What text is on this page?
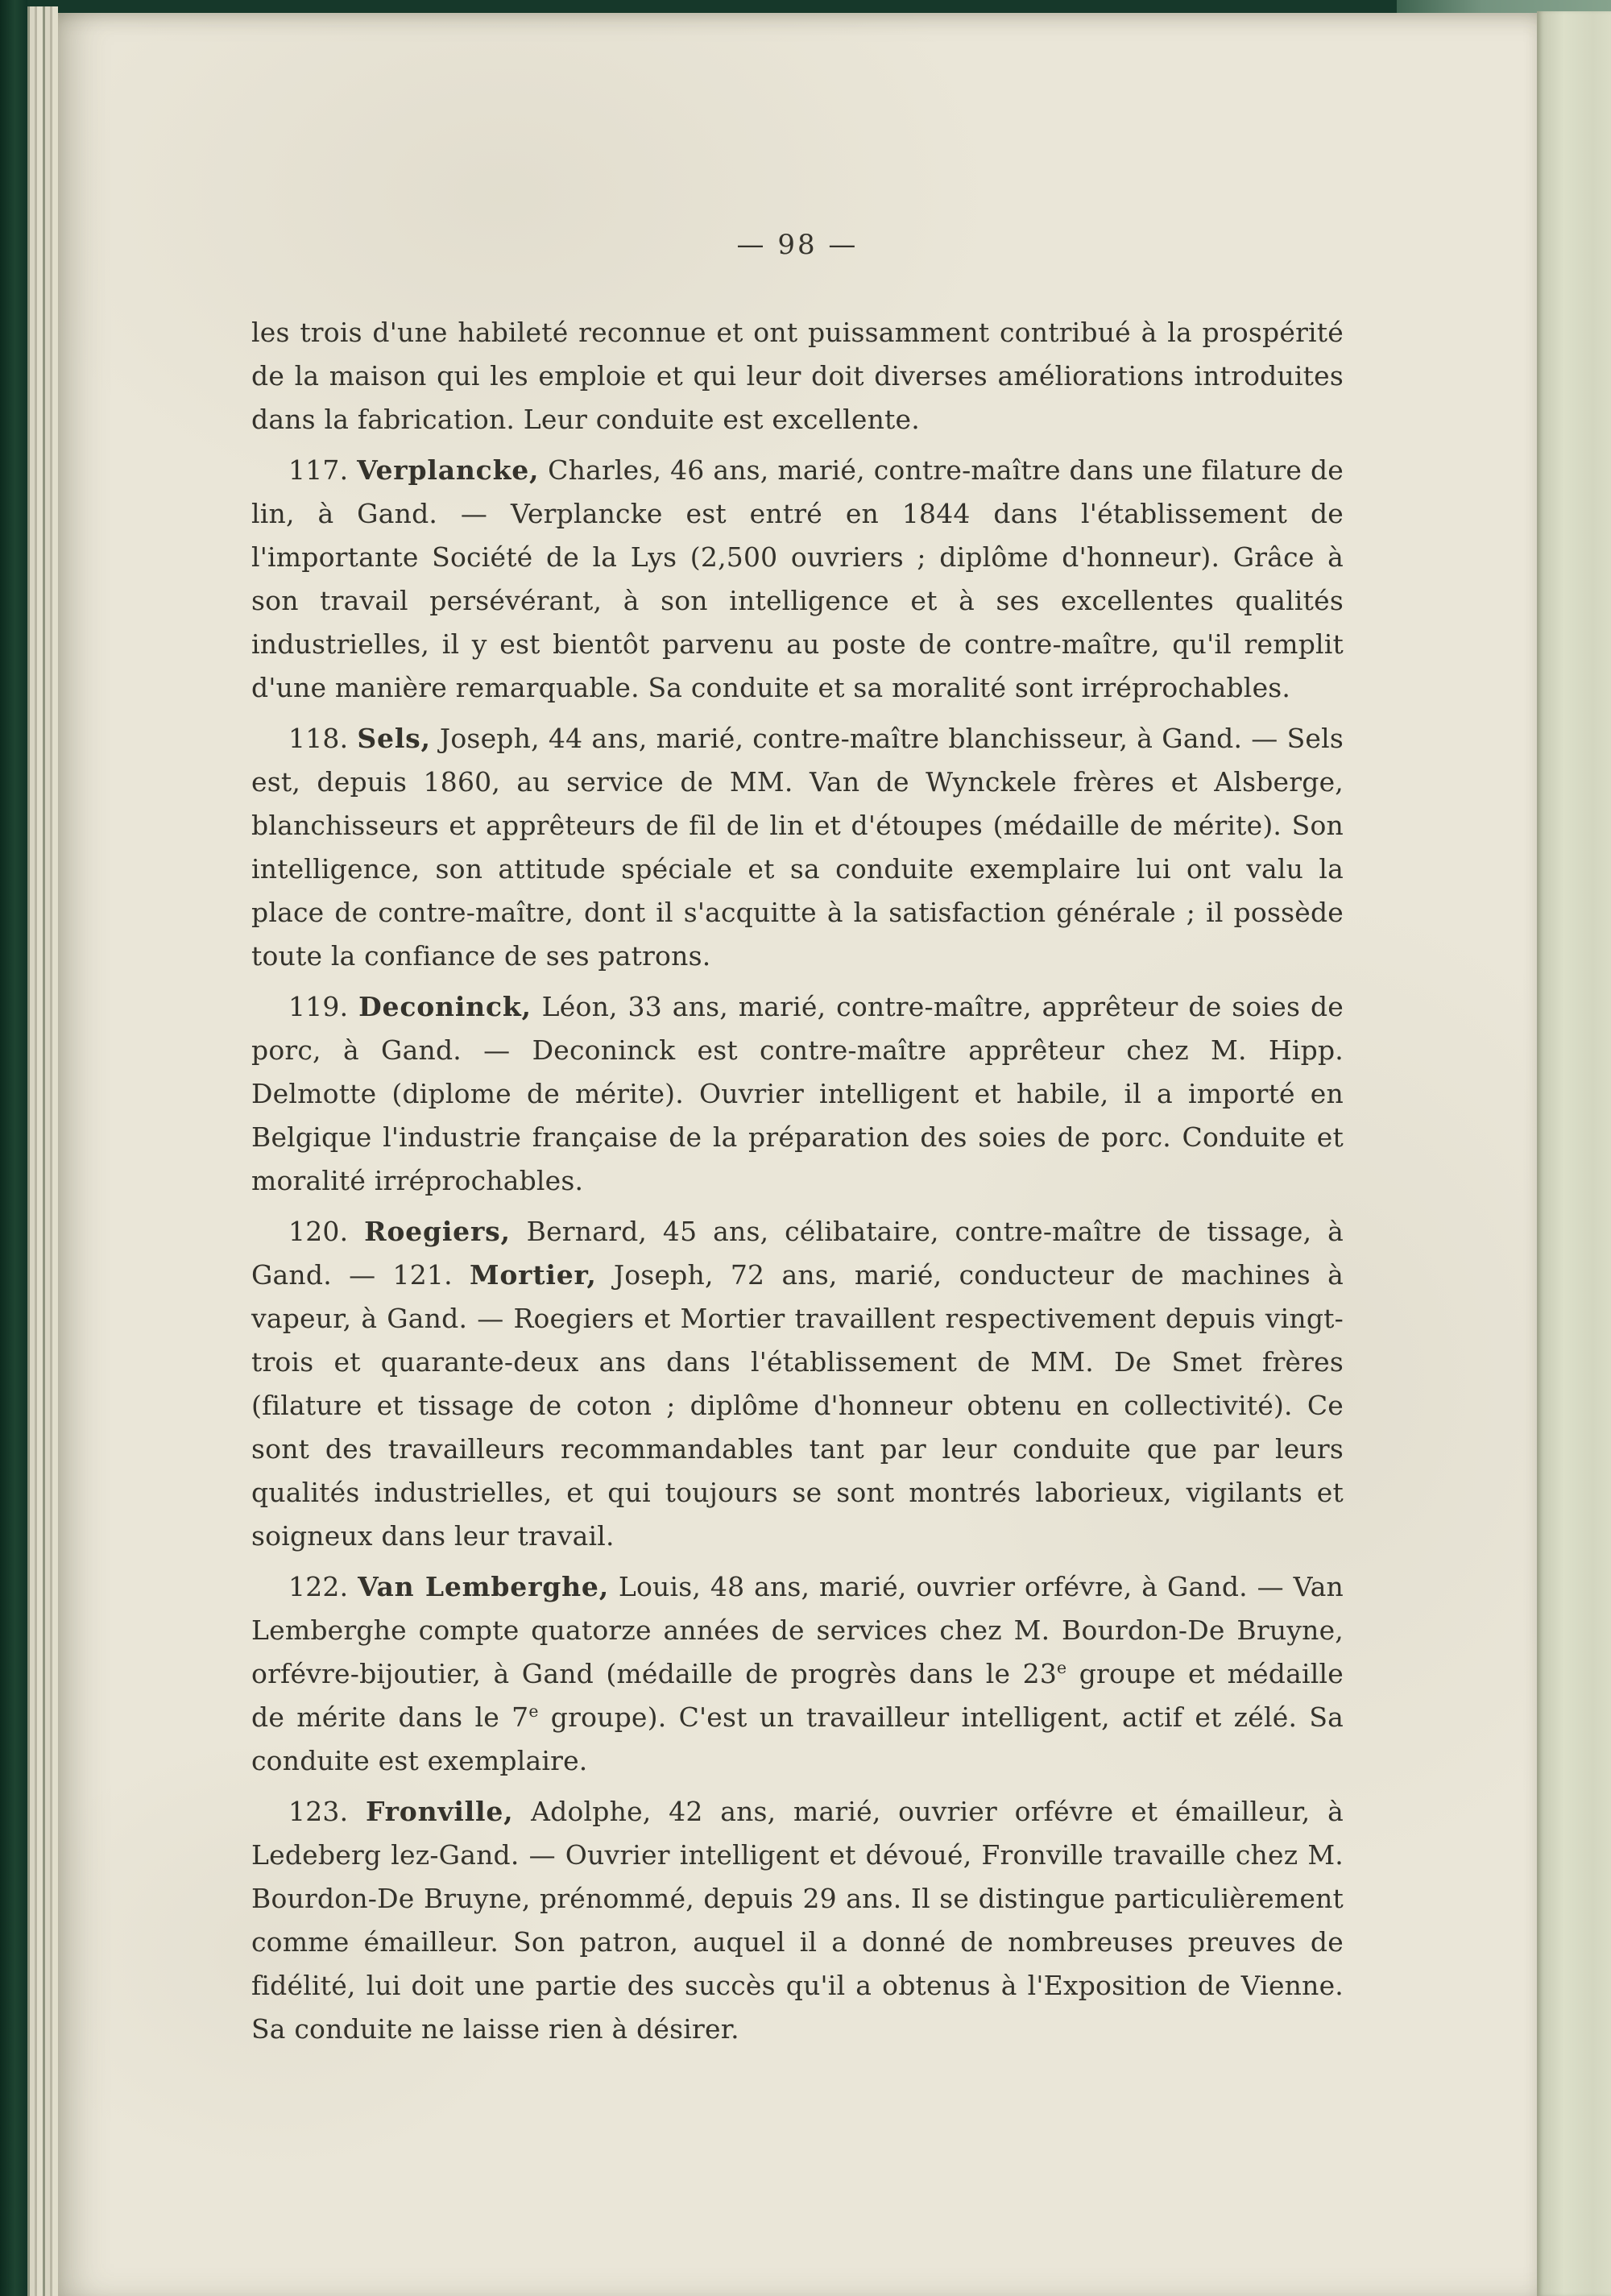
— 98 —

les trois d'une habileté reconnue et ont puissamment contribué à la prospérité de la maison qui les emploie et qui leur doit diverses améliorations introduites dans la fabrication. Leur conduite est excellente.

117. Verplancke, Charles, 46 ans, marié, contre-maître dans une filature de lin, à Gand. — Verplancke est entré en 1844 dans l'établissement de l'importante Société de la Lys (2,500 ouvriers ; diplôme d'honneur). Grâce à son travail persévérant, à son intelligence et à ses excellentes qualités industrielles, il y est bientôt parvenu au poste de contre-maître, qu'il remplit d'une manière remarquable. Sa conduite et sa moralité sont irréprochables.

118. Sels, Joseph, 44 ans, marié, contre-maître blanchisseur, à Gand. — Sels est, depuis 1860, au service de MM. Van de Wynckele frères et Alsberge, blanchisseurs et apprêteurs de fil de lin et d'étoupes (médaille de mérite). Son intelligence, son attitude spéciale et sa conduite exemplaire lui ont valu la place de contre-maître, dont il s'acquitte à la satisfaction générale ; il possède toute la confiance de ses patrons.

119. Deconinck, Léon, 33 ans, marié, contre-maître, apprêteur de soies de porc, à Gand. — Deconinck est contre-maître apprêteur chez M. Hipp. Delmotte (diplome de mérite). Ouvrier intelligent et habile, il a importé en Belgique l'industrie française de la préparation des soies de porc. Conduite et moralité irréprochables.

120. Roegiers, Bernard, 45 ans, célibataire, contre-maître de tissage, à Gand. — 121. Mortier, Joseph, 72 ans, marié, conducteur de machines à vapeur, à Gand. — Roegiers et Mortier travaillent respectivement depuis vingt-trois et quarante-deux ans dans l'établissement de MM. De Smet frères (filature et tissage de coton ; diplôme d'honneur obtenu en collectivité). Ce sont des travailleurs recommandables tant par leur conduite que par leurs qualités industrielles, et qui toujours se sont montrés laborieux, vigilants et soigneux dans leur travail.

122. Van Lemberghe, Louis, 48 ans, marié, ouvrier orfévre, à Gand. — Van Lemberghe compte quatorze années de services chez M. Bourdon-De Bruyne, orfévre-bijoutier, à Gand (médaille de progrès dans le 23e groupe et médaille de mérite dans le 7e groupe). C'est un travailleur intelligent, actif et zélé. Sa conduite est exemplaire.

123. Fronville, Adolphe, 42 ans, marié, ouvrier orfévre et émailleur, à Ledeberg lez-Gand. — Ouvrier intelligent et dévoué, Fronville travaille chez M. Bourdon-De Bruyne, prénommé, depuis 29 ans. Il se distingue particulièrement comme émailleur. Son patron, auquel il a donné de nombreuses preuves de fidélité, lui doit une partie des succès qu'il a obtenus à l'Exposition de Vienne. Sa conduite ne laisse rien à désirer.
